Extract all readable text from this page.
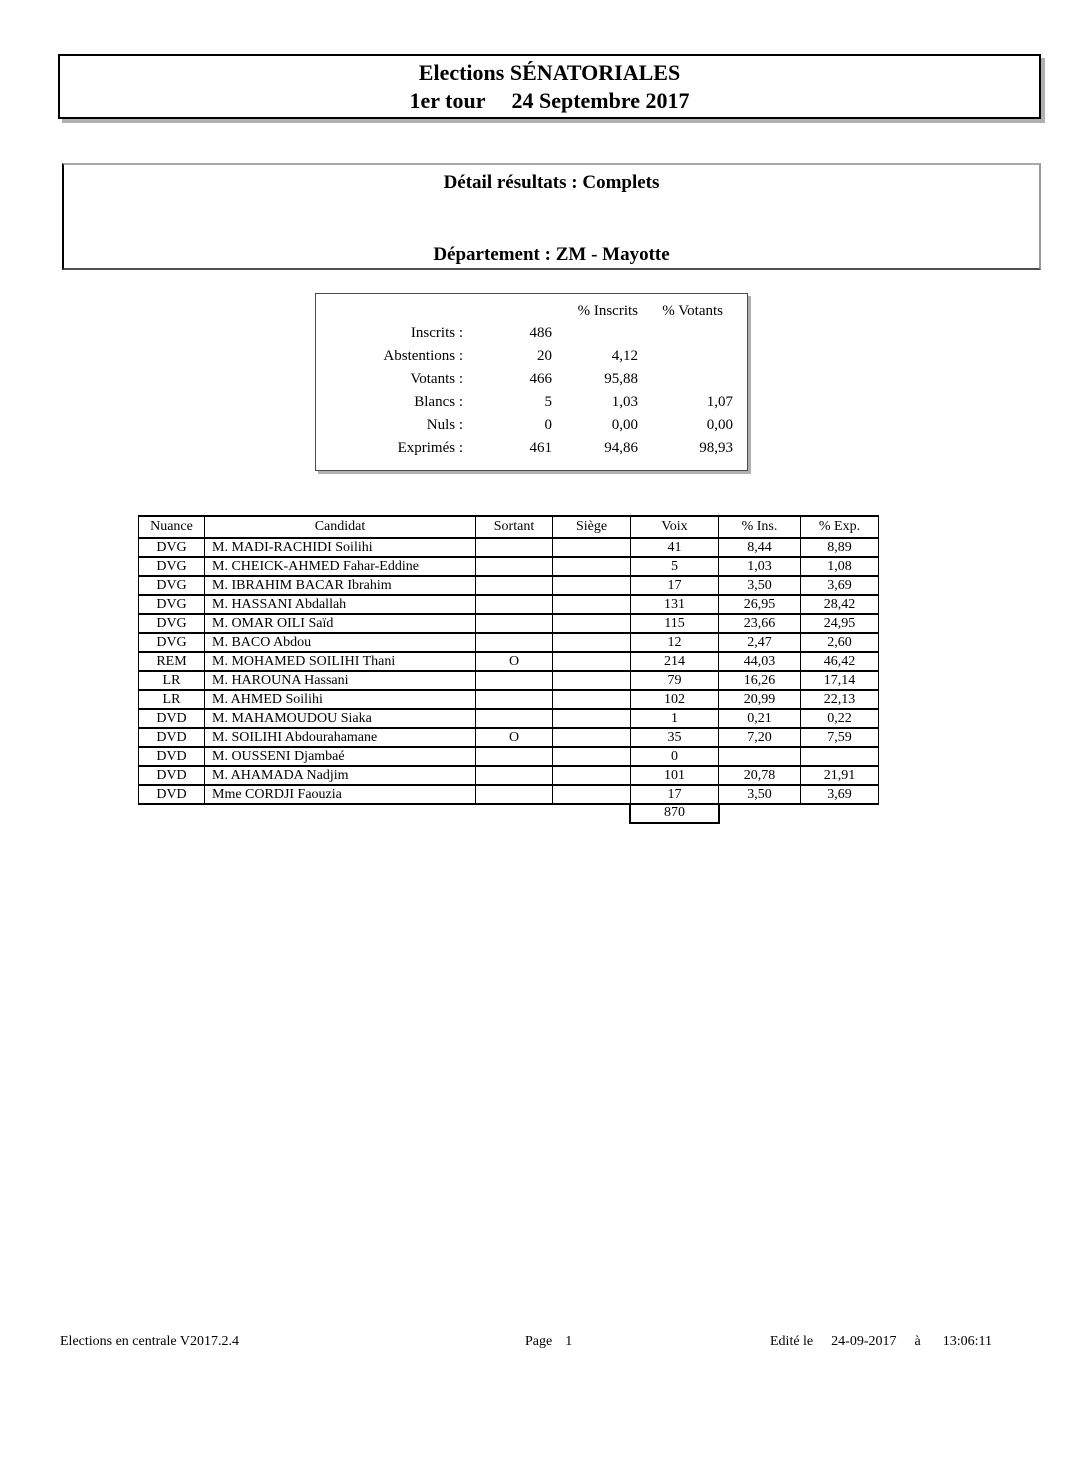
Elections SÉNATORIALES
1er tour 24 Septembre 2017
Détail résultats : Complets
Département : ZM - Mayotte
		% Inscrits	% Votants
Inscrits :	486		
Abstentions :	20	4,12	
Votants :	466	95,88	
Blancs :	5	1,03	1,07
Nuls :	0	0,00	0,00
Exprimés :	461	94,86	98,93
Nuance	Candidat	Sortant	Siège	Voix	% Ins.	% Exp.
DVG	M. MADI-RACHIDI Soilihi			41	8,44	8,89
DVG	M. CHEICK-AHMED Fahar-Eddine			5	1,03	1,08
DVG	M. IBRAHIM BACAR Ibrahim			17	3,50	3,69
DVG	M. HASSANI Abdallah			131	26,95	28,42
DVG	M. OMAR OILI Saïd			115	23,66	24,95
DVG	M. BACO Abdou			12	2,47	2,60
REM	M. MOHAMED SOILIHI Thani	O		214	44,03	46,42
LR	M. HAROUNA Hassani			79	16,26	17,14
LR	M. AHMED Soilihi			102	20,99	22,13
DVD	M. MAHAMOUDOU Siaka			1	0,21	0,22
DVD	M. SOILIHI Abdourahamane	O		35	7,20	7,59
DVD	M. OUSSENI Djambaé			0		
DVD	M. AHAMADA Nadjim			101	20,78	21,91
DVD	Mme CORDJI Faouzia			17	3,50	3,69
870
Elections en centrale V2017.2.4	Page 1	Edité le 24-09-2017 à 13:06:11
